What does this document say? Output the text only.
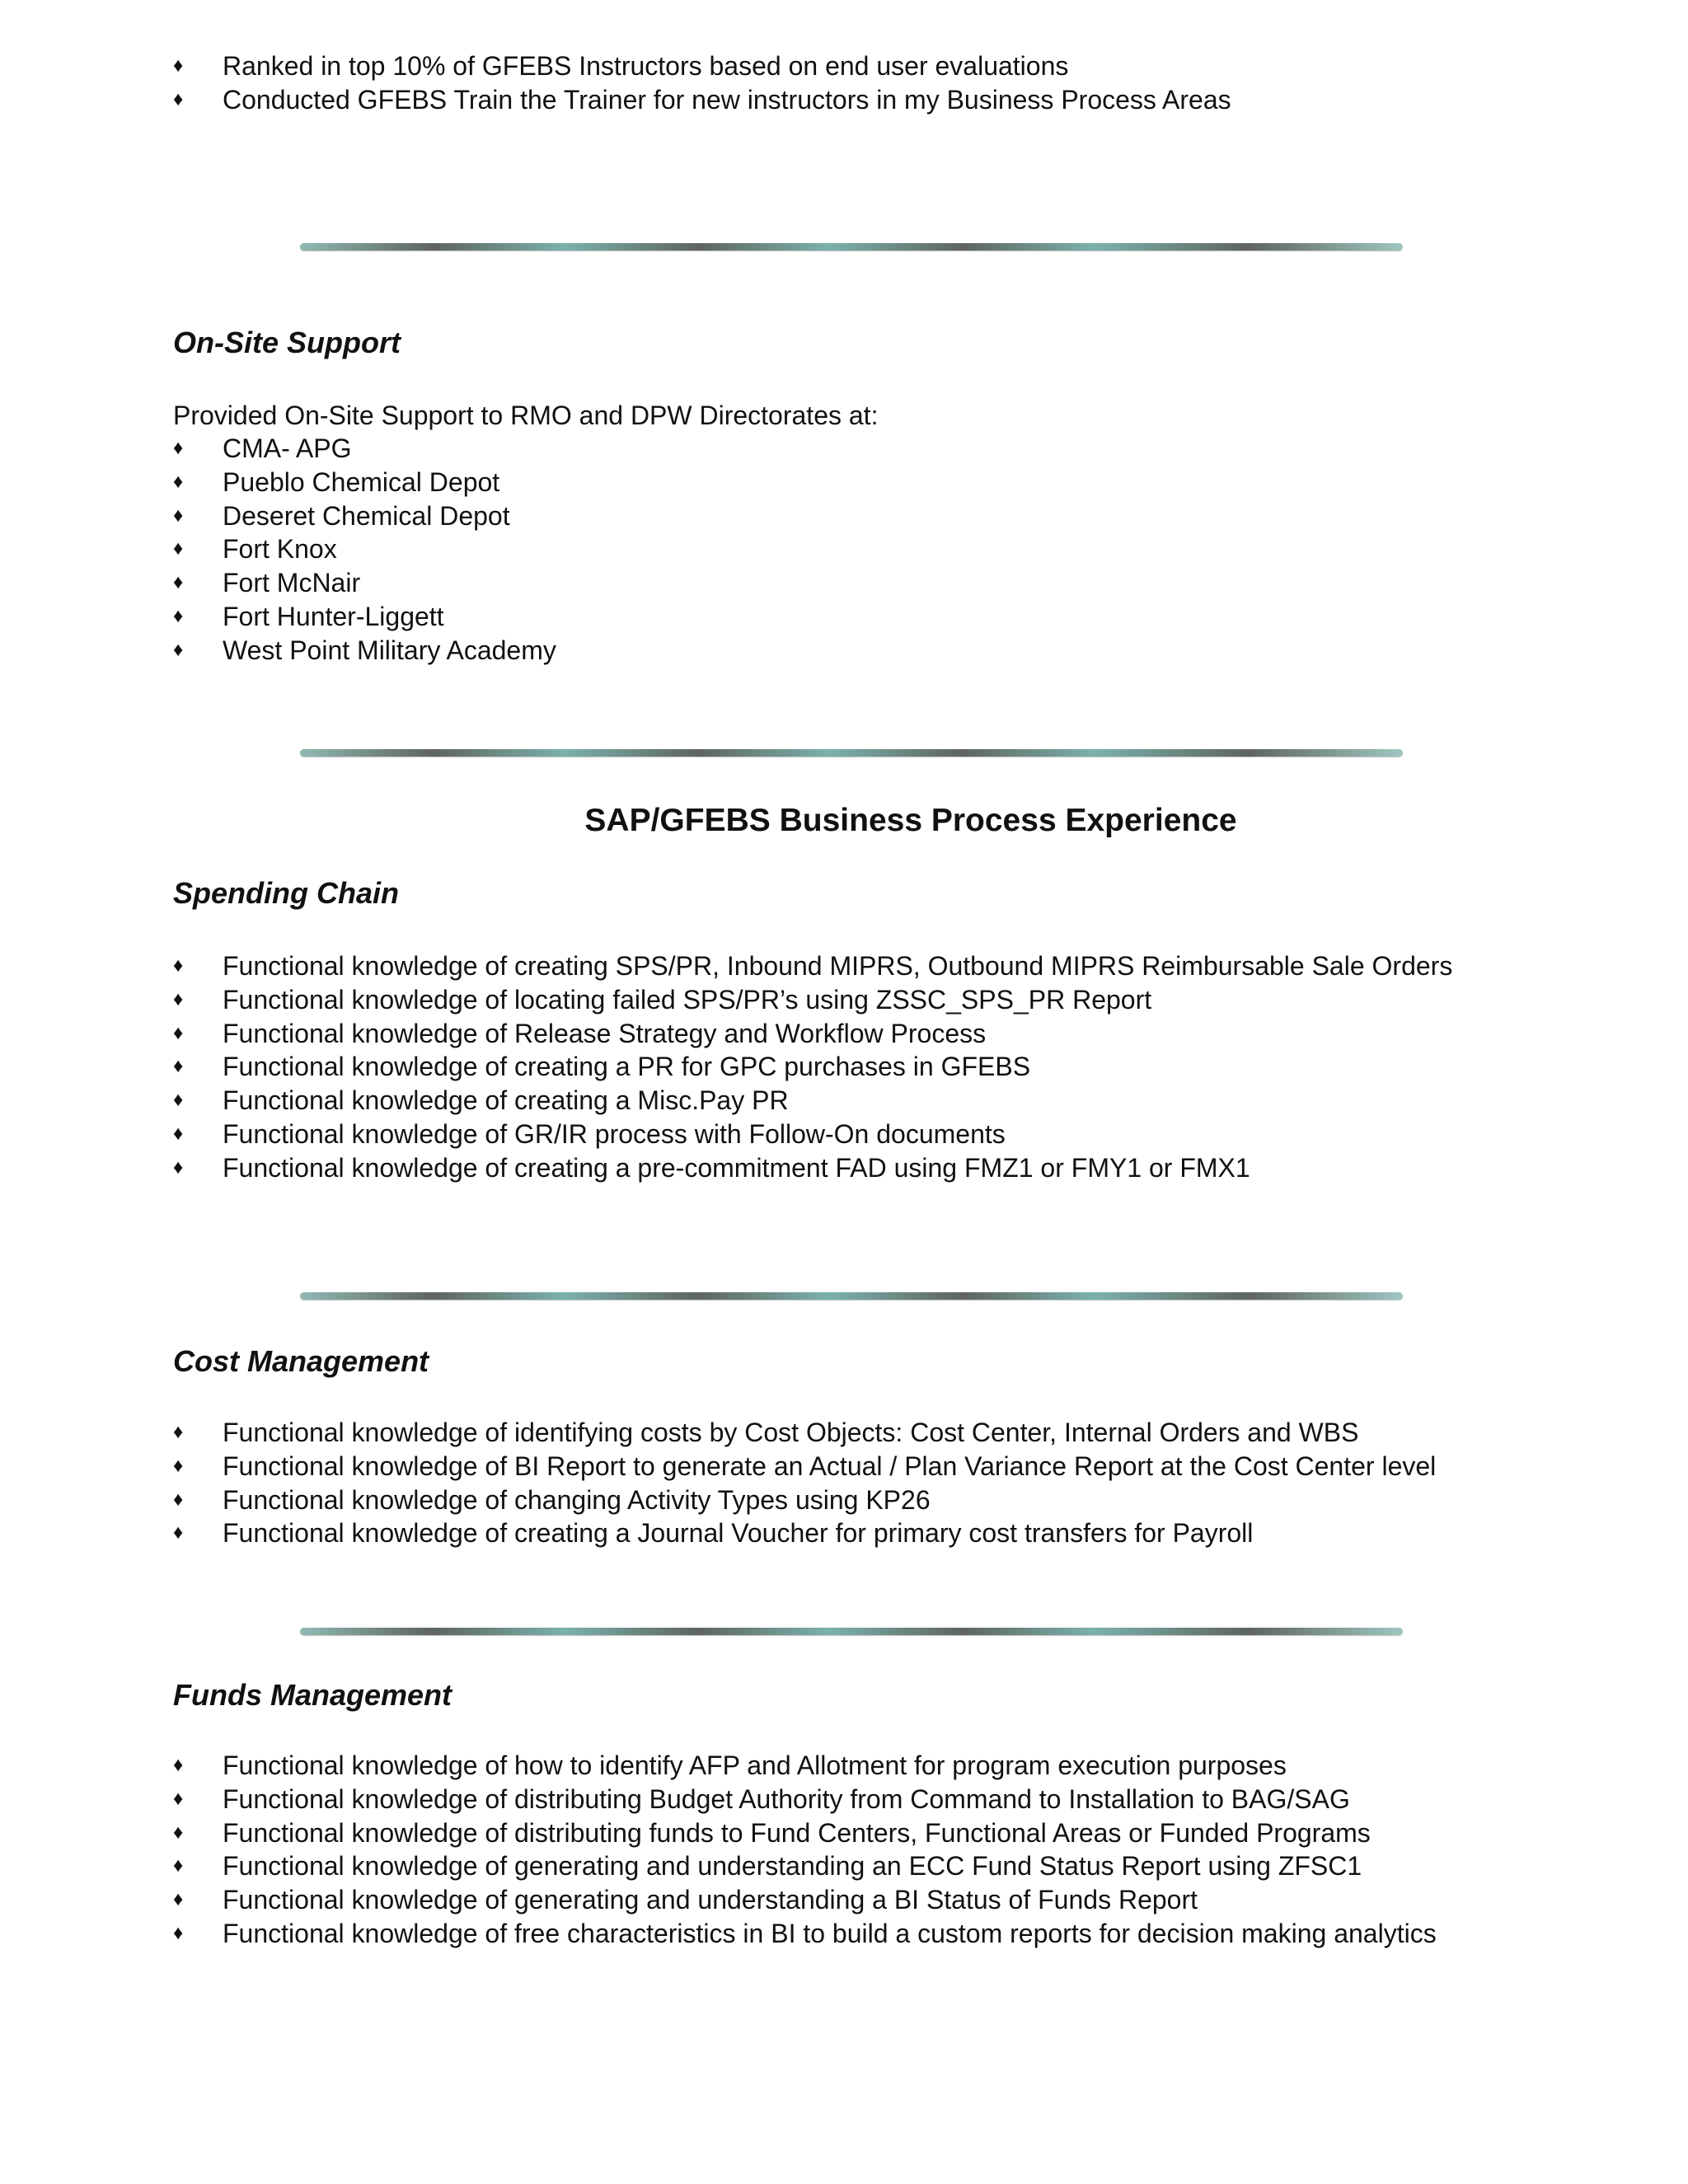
♦	Ranked in top 10% of GFEBS Instructors based on end user evaluations
♦	Conducted GFEBS Train the Trainer for new instructors in my Business Process Areas
On-Site Support

Provided On-Site Support to RMO and DPW Directorates at:

♦	CMA- APG
♦	Pueblo Chemical Depot
♦	Deseret Chemical Depot
♦	Fort Knox
♦	Fort McNair
♦	Fort Hunter-Liggett
♦	West Point Military Academy
SAP/GFEBS Business Process Experience
Spending Chain
♦	Functional knowledge of creating SPS/PR, Inbound MIPRS, Outbound MIPRS Reimbursable Sale Orders
♦	Functional knowledge of locating failed SPS/PR’s using ZSSC_SPS_PR Report
♦	Functional knowledge of Release Strategy and Workflow Process
♦	Functional knowledge of creating a PR for GPC purchases in GFEBS
♦	Functional knowledge of creating a Misc.Pay PR
♦	Functional knowledge of GR/IR process with Follow-On documents
♦	Functional knowledge of creating a pre-commitment FAD using FMZ1 or FMY1 or FMX1
Cost Management
♦	Functional knowledge of identifying costs by Cost Objects: Cost Center, Internal Orders and WBS
♦	Functional knowledge of BI Report to generate an Actual / Plan Variance Report at the Cost Center level
♦	Functional knowledge of changing Activity Types using KP26
♦	Functional knowledge of creating a Journal Voucher for primary cost transfers for Payroll
Funds Management
♦	Functional knowledge of how to identify AFP and Allotment for program execution purposes
♦	Functional knowledge of distributing Budget Authority from Command to Installation to BAG/SAG
♦	Functional knowledge of distributing funds to Fund Centers, Functional Areas or Funded Programs
♦	Functional knowledge of generating and understanding an ECC Fund Status Report using ZFSC1
♦	Functional knowledge of generating and understanding a BI Status of Funds Report
♦	Functional knowledge of free characteristics in BI to build a custom reports for decision making analytics
